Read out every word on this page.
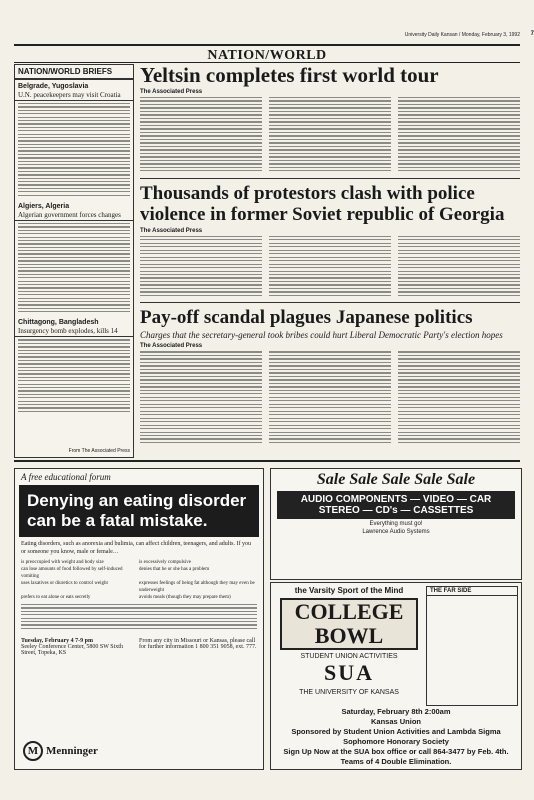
University Daily Kansan / Monday, February 3, 1992
NATION/WORLD
NATION/WORLD BRIEFS
Belgrade, Yugoslavia
U.N. peacekeepers may visit Croatia
Algiers, Algeria
Algerian government forces changes
Chittagong, Bangladesh
Insurgency bomb explodes, kills 14
From The Associated Press
Yeltsin completes first world tour
The Associated Press
Thousands of protestors clash with police violence in former Soviet republic of Georgia
The Associated Press
Pay-off scandal plagues Japanese politics
Charges that the secretary-general took bribes could hurt Liberal Democratic Party's election hopes
The Associated Press
A free educational forum
Denying an eating disorder can be a fatal mistake.
Eating disorders, such as anorexia and bulimia, can affect children, teenagers, and adults. If you or someone you know, male or female…
is preoccupied with weight and body size	is excessively compulsive
can lose amounts of food followed by self-induced vomiting
denies that he or she has a problem
uses laxatives or diuretics to control weight	expresses feelings of being fat although they may even be underweight
prefers to eat alone or eats secretly	avoids meals (though they may prepare them)
Tuesday, February 4 7-9 pm
Seeley Conference Center, 5800 SW Sixth Street, Topeka, KS
From any city in Missouri or Kansas, please call for further information 1 800 351 9058, ext. 777.
M Menninger
Sale Sale Sale Sale Sale
AUDIO COMPONENTS — VIDEO — CAR STEREO — CD's — CASSETTES
Everything must go!
Lawrence Audio Systems
the Varsity Sport of the Mind
COLLEGE BOWL
STUDENT UNION ACTIVITIES
SUA
THE UNIVERSITY OF KANSAS
THE FAR SIDE
Saturday, February 8th 2:00am
Kansas Union
Sponsored by Student Union Activities and Lambda Sigma Sophomore Honorary Society
Sign Up Now at the SUA box office or call 864-3477 by Feb. 4th.
Teams of 4 Double Elimination.
7
